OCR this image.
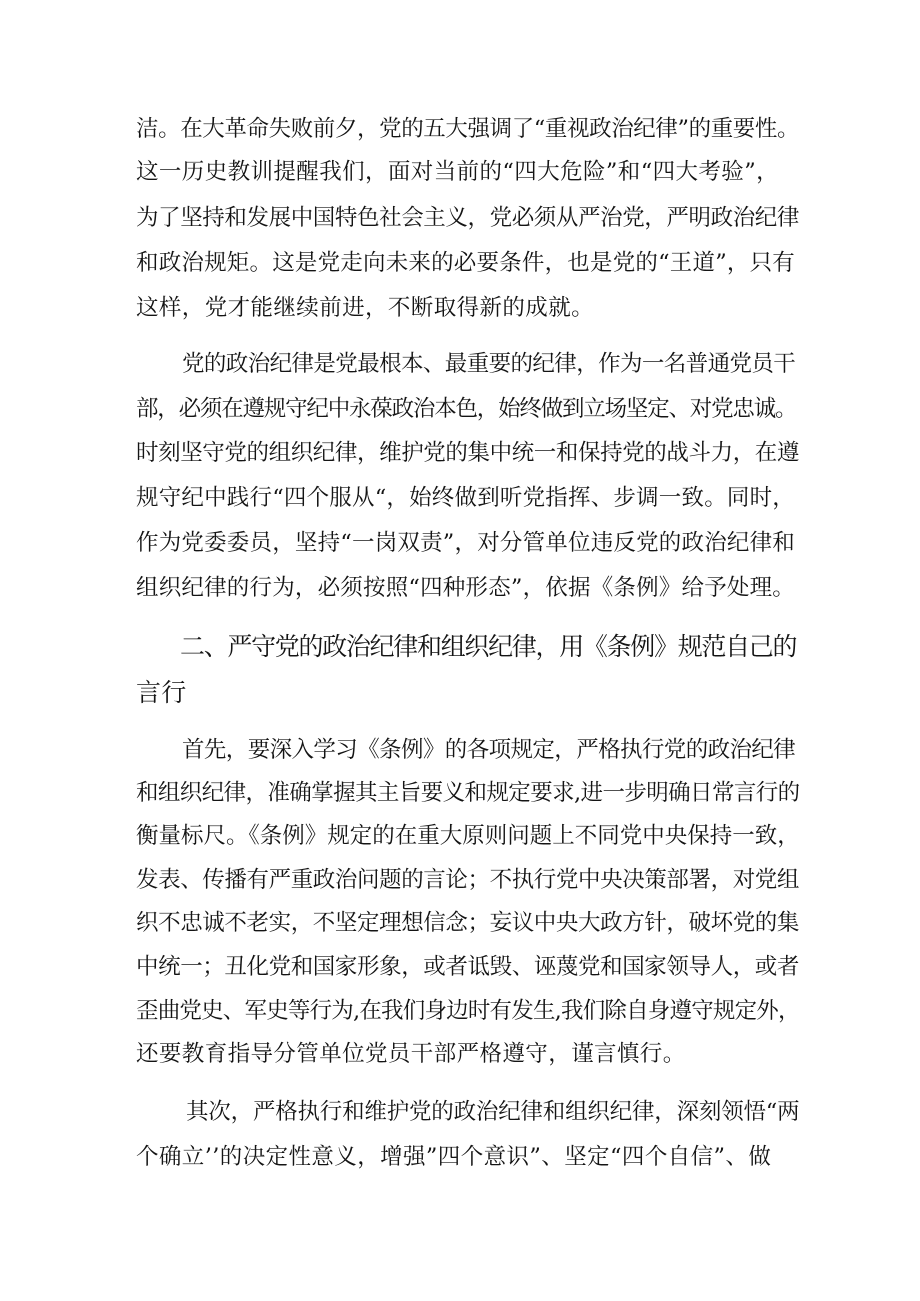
洁。在大革命失败前夕，党的五大强调了“重视政治纪律”的重要性。
这一历史教训提醒我们，面对当前的“四大危险”和“四大考验”，
为了坚持和发展中国特色社会主义，党必须从严治党，严明政治纪律
和政治规矩。这是党走向未来的必要条件，也是党的“王道”，只有
这样，党才能继续前进，不断取得新的成就。
党的政治纪律是党最根本、最重要的纪律，作为一名普通党员干
部，必须在遵规守纪中永葆政治本色，始终做到立场坚定、对党忠诚。
时刻坚守党的组织纪律，维护党的集中统一和保持党的战斗力，在遵
规守纪中践行“四个服从“，始终做到听党指挥、步调一致。同时，
作为党委委员，坚持“一岗双责”，对分管单位违反党的政治纪律和
组织纪律的行为，必须按照“四种形态”，依据《条例》给予处理。
二、严守党的政治纪律和组织纪律，用《条例》规范自己的
言行
首先，要深入学习《条例》的各项规定，严格执行党的政治纪律
和组织纪律，准确掌握其主旨要义和规定要求,进一步明确日常言行的
衡量标尺。《条例》规定的在重大原则问题上不同党中央保持一致，
发表、传播有严重政治问题的言论；不执行党中央决策部署，对党组
织不忠诚不老实，不坚定理想信念；妄议中央大政方针，破坏党的集
中统一；丑化党和国家形象，或者诋毁、诬蔑党和国家领导人，或者
歪曲党史、军史等行为,在我们身边时有发生,我们除自身遵守规定外，
还要教育指导分管单位党员干部严格遵守，谨言慎行。
其次，严格执行和维护党的政治纪律和组织纪律，深刻领悟“两
个确立’’的决定性意义，增强”四个意识”、坚定“四个自信”、做
